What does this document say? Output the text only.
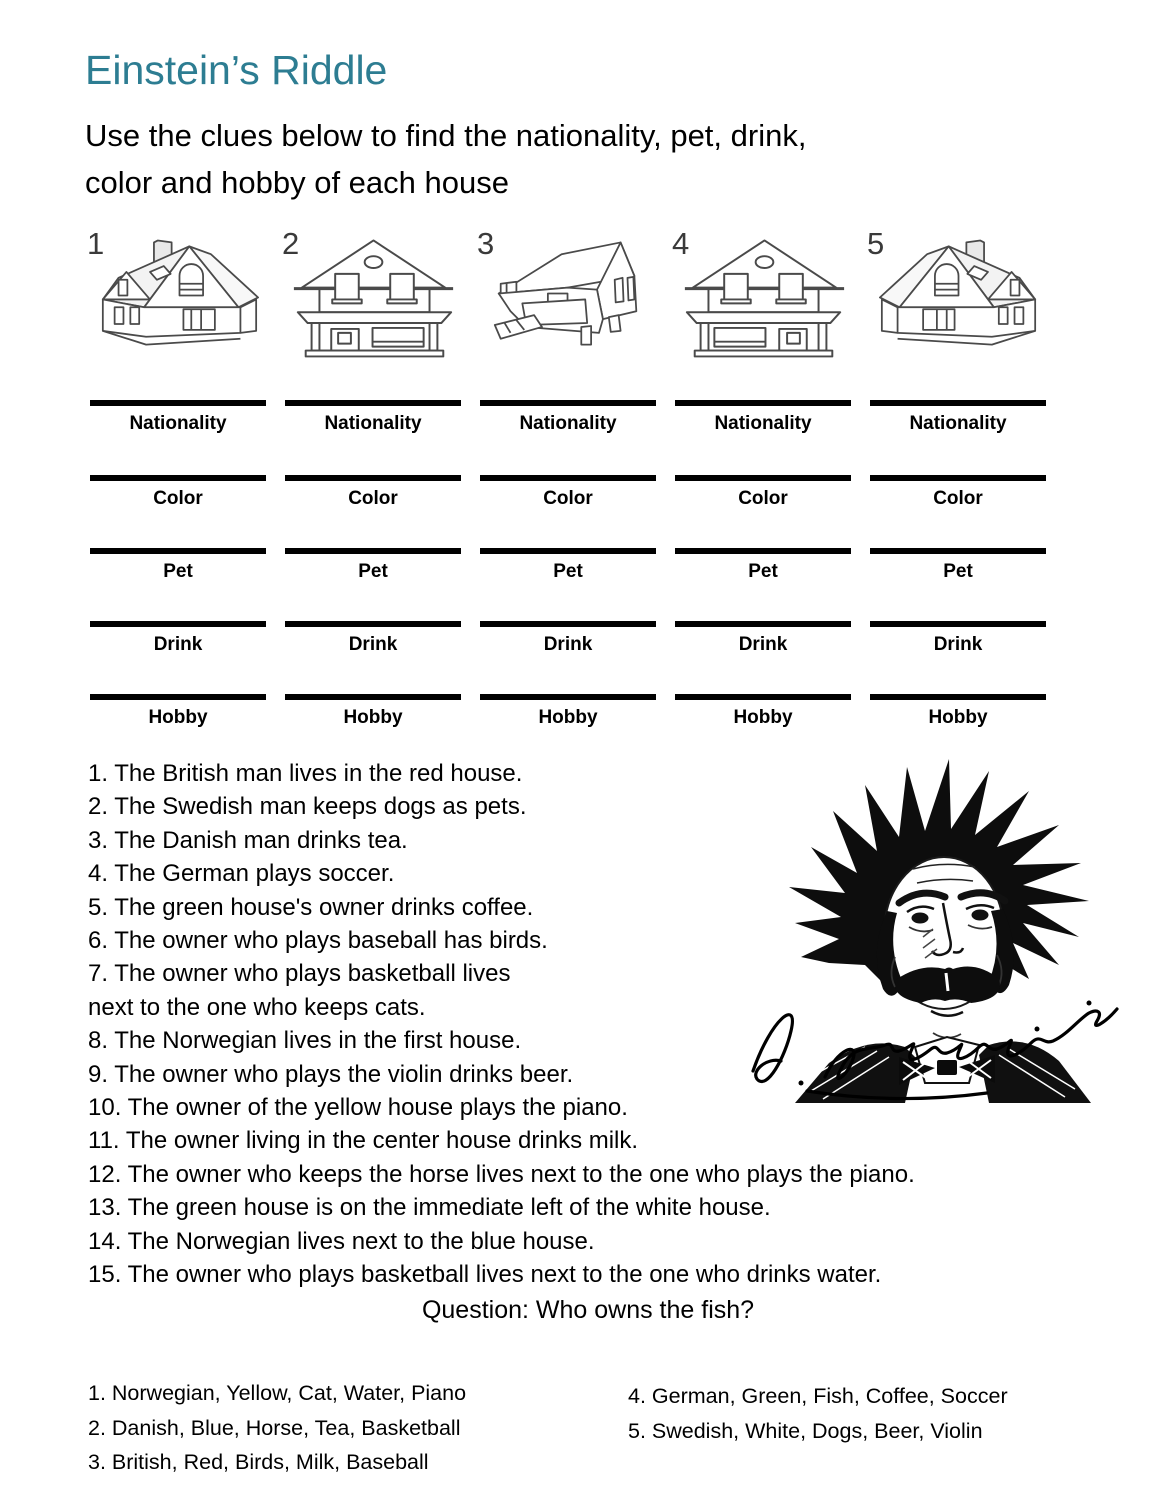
Einstein’s Riddle
Use the clues below to find the nationality, pet, drink,
color and hobby of each house
1	2	3	4	5
Nationality
Color
Pet
Drink
Hobby
Nationality
Color
Pet
Drink
Hobby
Nationality
Color
Pet
Drink
Hobby
Nationality
Color
Pet
Drink
Hobby
Nationality
Color
Pet
Drink
Hobby
1. The British man lives in the red house.
2. The Swedish man keeps dogs as pets.
3. The Danish man drinks tea.
4. The German plays soccer.
5. The green house's owner drinks coffee.
6. The owner who plays baseball has birds.
7. The owner who plays basketball lives
next to the one who keeps cats.
8. The Norwegian lives in the first house.
9. The owner who plays the violin drinks beer.
10. The owner of the yellow house plays the piano.
11. The owner living in the center house drinks milk.
12. The owner who keeps the horse lives next to the one who plays the piano.
13. The green house is on the immediate left of the white house.
14. The Norwegian lives next to the blue house.
15. The owner who plays basketball lives next to the one who drinks water.
Question: Who owns the fish?
1. Norwegian, Yellow, Cat, Water, Piano
2. Danish, Blue, Horse, Tea, Basketball
3. British, Red, Birds, Milk, Baseball
4. German, Green, Fish, Coffee, Soccer
5. Swedish, White, Dogs, Beer, Violin
